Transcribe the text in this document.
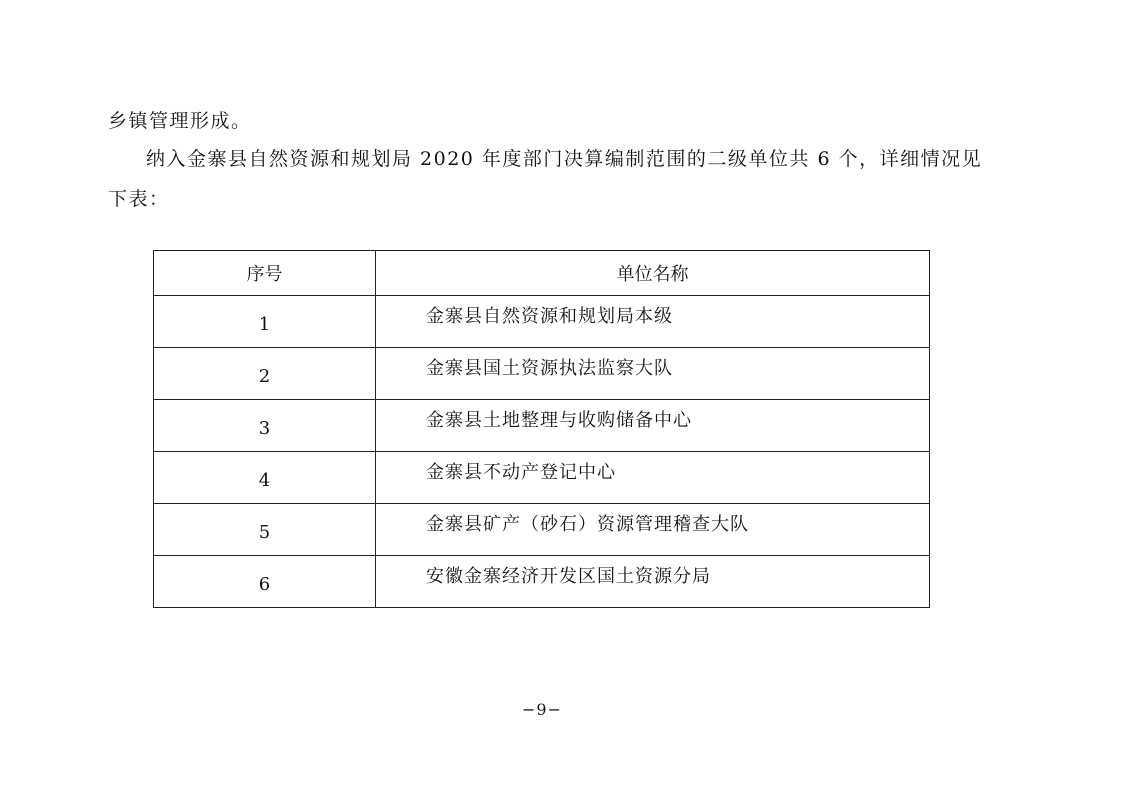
乡镇管理形成。

纳入金寨县自然资源和规划局 2020 年度部门决算编制范围的二级单位共 6 个，详细情况见

下表：

序号	单位名称
1	金寨县自然资源和规划局本级
2	金寨县国土资源执法监察大队
3	金寨县土地整理与收购储备中心
4	金寨县不动产登记中心
5	金寨县矿产（砂石）资源管理稽查大队
6	安徽金寨经济开发区国土资源分局
−9−
